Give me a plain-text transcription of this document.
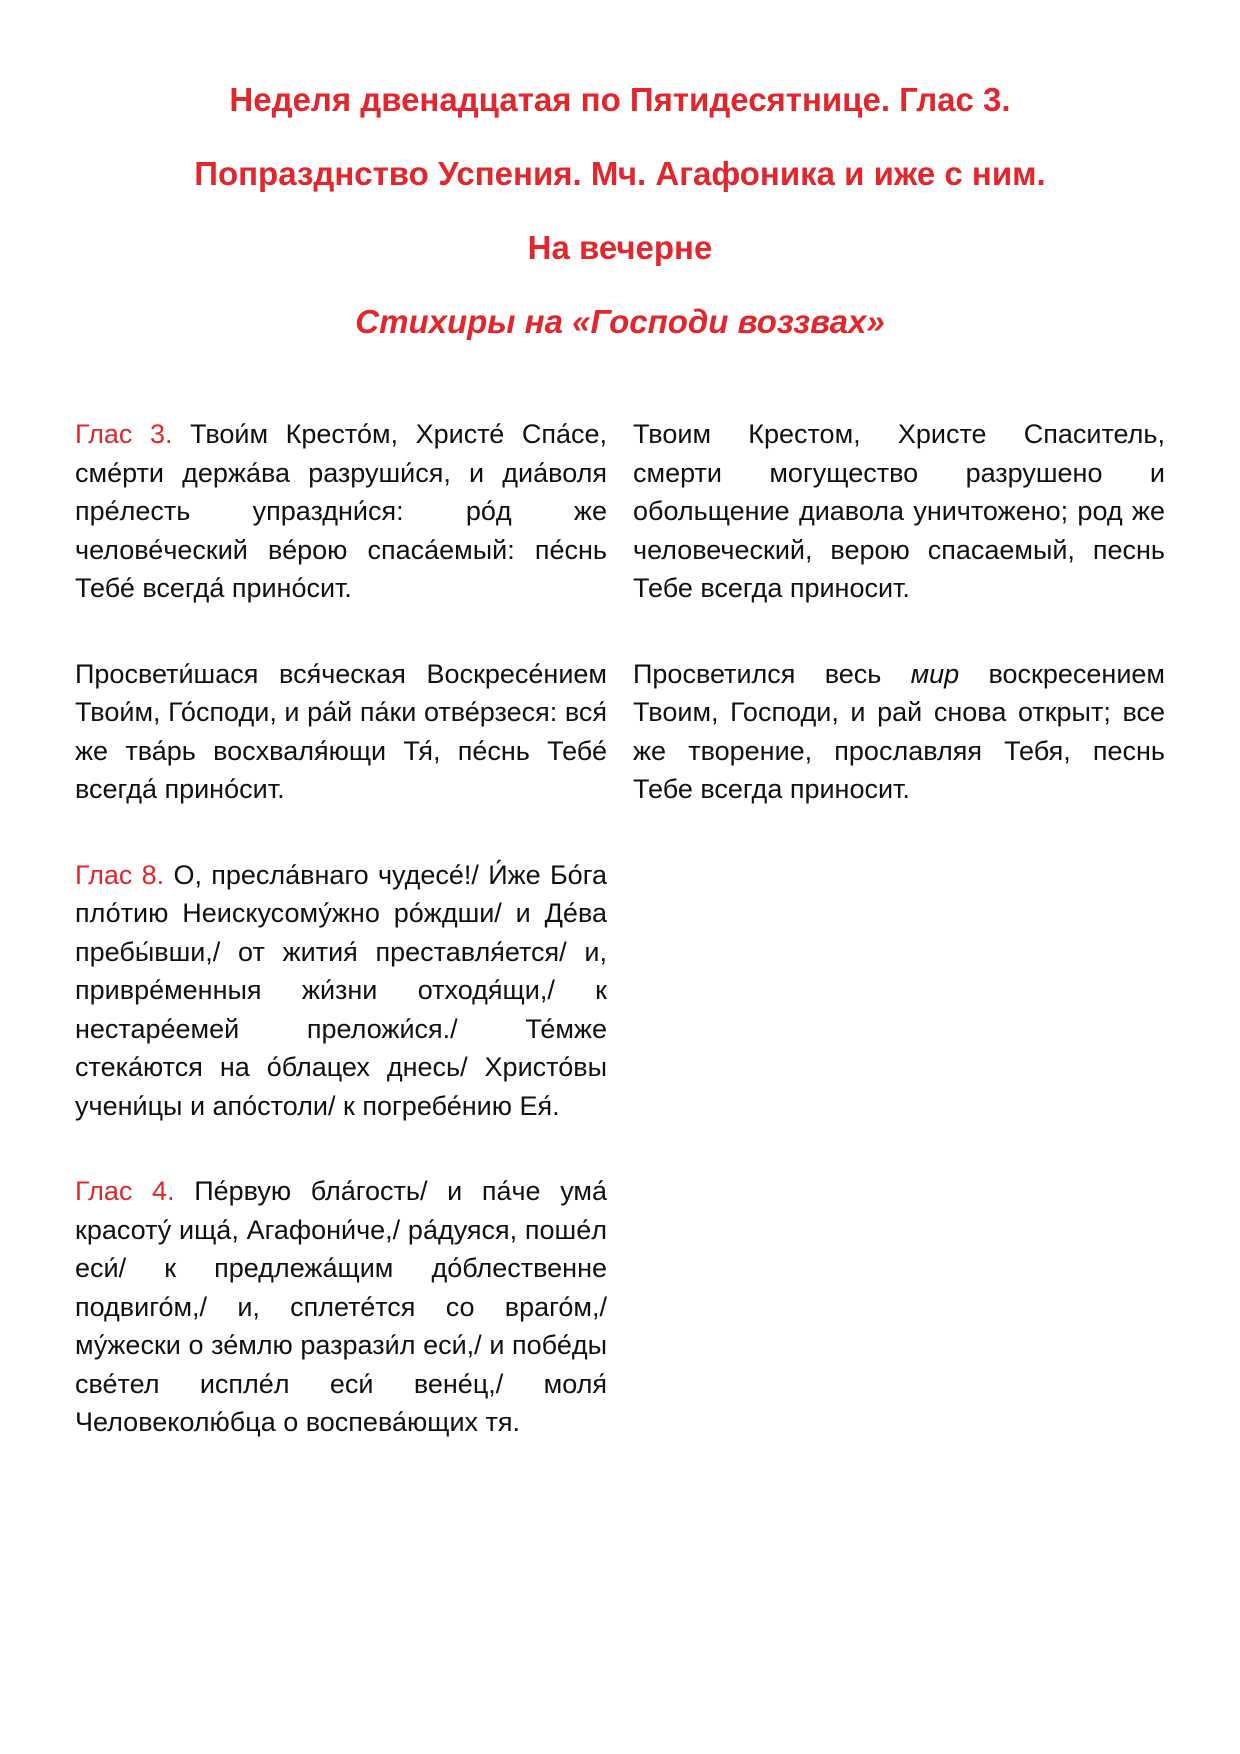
Неделя двенадцатая по Пятидесятнице. Глас 3.

Попразднство Успения. Мч. Агафоника и иже с ним.

На вечерне

Стихиры на «Господи воззвах»

Глас 3. Твои́м Кресто́м, Христе́ Спа́се, сме́рти держа́ва разруши́ся, и диа́воля пре́лесть упраздни́ся: ро́д же челове́ческий ве́рою спаса́емый: пе́снь Тебе́ всегда́ прино́сит.
Твоим Крестом, Христе Спаситель, смерти могущество разрушено и обольщение диавола уничтожено; род же человеческий, верою спасаемый, песнь Тебе всегда приносит.
Просвети́шася вся́ческая Воскресе́нием Твои́м, Го́споди, и ра́й па́ки отве́рзеся: вся́ же тва́рь восхваля́ющи Тя́, пе́снь Тебе́ всегда́ прино́сит.
Просветился весь мир воскресением Твоим, Господи, и рай снова открыт; все же творение, прославляя Тебя, песнь Тебе всегда приносит.
Глас 8. О, пресла́внаго чудесе́!/ И́же Бо́га пло́тию Неискусому́жно ро́ждши/ и Де́ва пребы́вши,/ от жития́ преставля́ется/ и, привре́менныя жи́зни отходя́щи,/ к нестаре́емей преложи́ся./ Те́мже стека́ются на о́блацех днесь/ Христо́вы учени́цы и апо́столи/ к погребе́нию Ея́.
Глас 4. Пе́рвую бла́гость/ и па́че ума́ красоту́ ища́, Агафони́че,/ ра́дуяся, поше́л еси́/ к предлежа́щим до́блественне подвиго́м,/ и, сплете́тся со враго́м,/ му́жески о зе́млю разрази́л еси́,/ и побе́ды све́тел испле́л еси́ вене́ц,/ моля́ Человеколю́бца о воспева́ющих тя.
